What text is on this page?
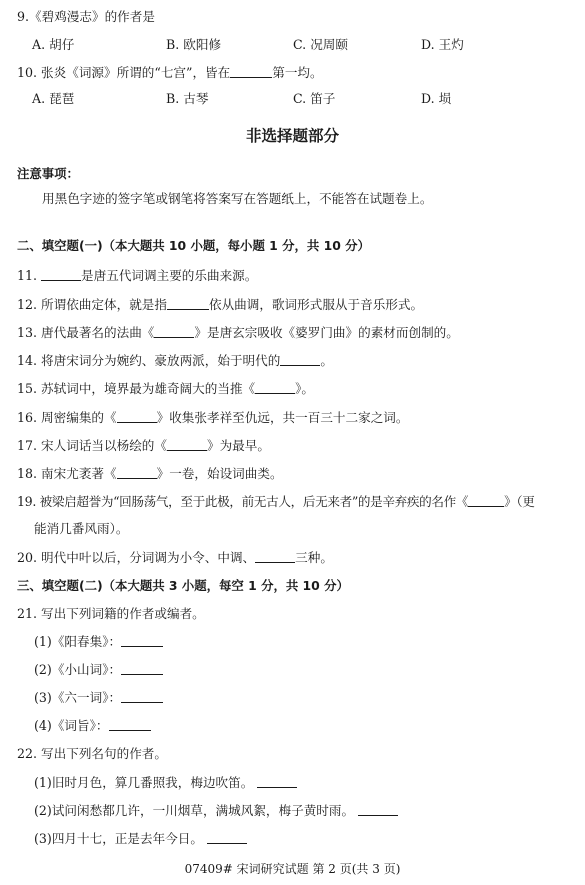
9.《碧鸡漫志》的作者是
A. 胡仔	B. 欧阳修	C. 况周颐	D. 王灼
10. 张炎《词源》所谓的“七宫”，皆在	第一均。
A. 琵琶	B. 古琴	C. 笛子	D. 埙
非选择题部分
注意事项：
用黑色字迹的签字笔或钢笔将答案写在答题纸上，不能答在试题卷上。
二、填空题(一)（本大题共 10 小题，每小题 1 分，共 10 分）
11.	是唐五代词调主要的乐曲来源。
12. 所谓依曲定体，就是指	依从曲调，歌词形式服从于音乐形式。
13. 唐代最著名的法曲《	》是唐玄宗吸收《婆罗门曲》的素材而创制的。
14. 将唐宋词分为婉约、豪放两派，始于明代的	。
15. 苏轼词中，境界最为雄奇阔大的当推《	》。
16. 周密编集的《	》收集张孝祥至仇远，共一百三十二家之词。
17. 宋人词话当以杨绘的《	》为最早。
18. 南宋尤袤著《	》一卷，始设词曲类。
19. 被梁启超誉为“回肠荡气，至于此极，前无古人，后无来者”的是辛弃疾的名作《	》（更
能消几番风雨）。
20. 明代中叶以后，分词调为小令、中调、	三种。
三、填空题(二)（本大题共 3 小题，每空 1 分，共 10 分）
21. 写出下列词籍的作者或编者。
(1)《阳春集》：
(2)《小山词》：
(3)《六一词》：
(4)《词旨》：
22. 写出下列名句的作者。
(1)旧时月色，算几番照我，梅边吹笛。
(2)试问闲愁都几许，一川烟草，满城风絮，梅子黄时雨。
(3)四月十七，正是去年今日。
07409# 宋词研究试题 第 2 页(共 3 页)
